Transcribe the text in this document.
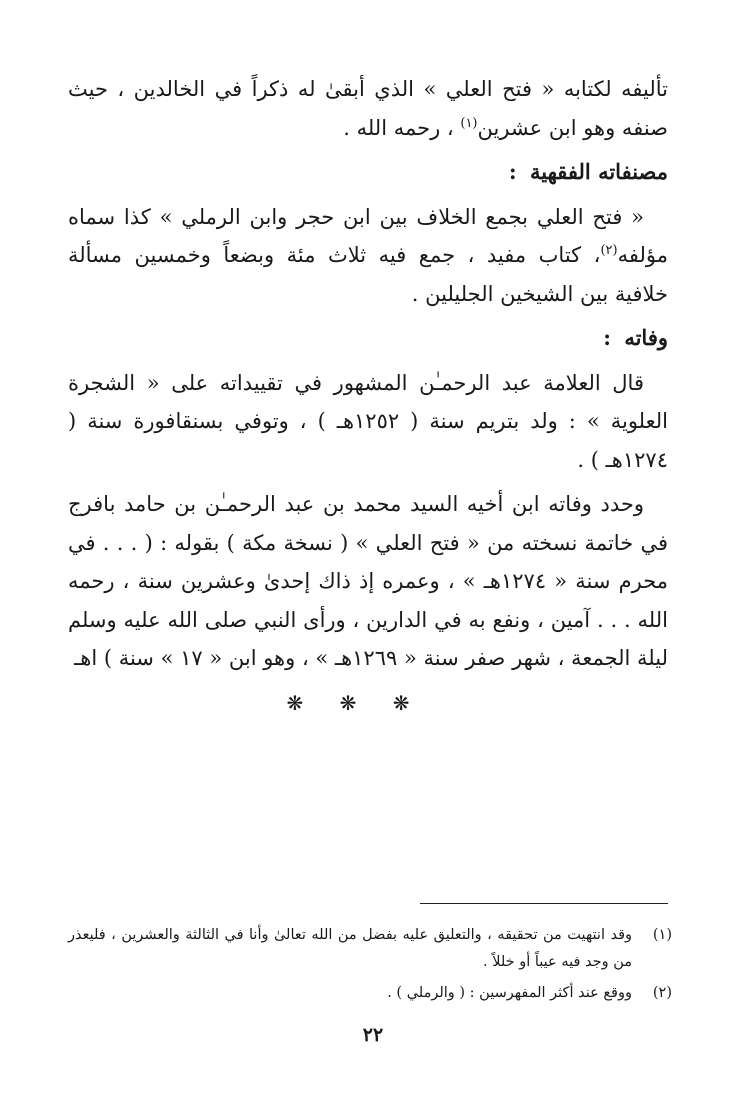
تأليفه لكتابه « فتح العلي » الذي أبقىٰ له ذكراً في الخالدين ، حيث صنفه وهو ابن عشرين$^{(١)}$ ، رحمه الله .

مصنفاته الفقهية :

« فتح العلي بجمع الخلاف بين ابن حجر وابن الرملي » كذا سماه مؤلفه$^{(٢)}$، كتاب مفيد ، جمع فيه ثلاث مئة وبضعاً وخمسين مسألة خلافية بين الشيخين الجليلين .

وفاته :

قال العلامة عبد الرحمـٰن المشهور في تقييداته على « الشجرة العلوية » : ولد بتريم سنة ( ١٢٥٢هـ ) ، وتوفي بسنقافورة سنة ( ١٢٧٤هـ ) .

وحدد وفاته ابن أخيه السيد محمد بن عبد الرحمـٰن بن حامد بافرج في خاتمة نسخته من « فتح العلي » ( نسخة مكة ) بقوله : ( . . . في محرم سنة « ١٢٧٤هـ » ، وعمره إذ ذاك إحدىٰ وعشرين سنة ، رحمه الله . . . آمين ، ونفع به في الدارين ، ورأى النبي صلى الله عليه وسلم ليلة الجمعة ، شهر صفر سنة « ١٢٦٩هـ » ، وهو ابن « ١٧ » سنة ) اهـ

❋ ❋ ❋
(١)
وقد انتهيت من تحقيقه ، والتعليق عليه بفضل من الله تعالىٰ وأنا في الثالثة والعشرين ، فليعذر من وجد فيه عيباً أو خللاً .
(٢)
ووقع عند أكثر المفهرسين : ( والرملي ) .
٢٢
